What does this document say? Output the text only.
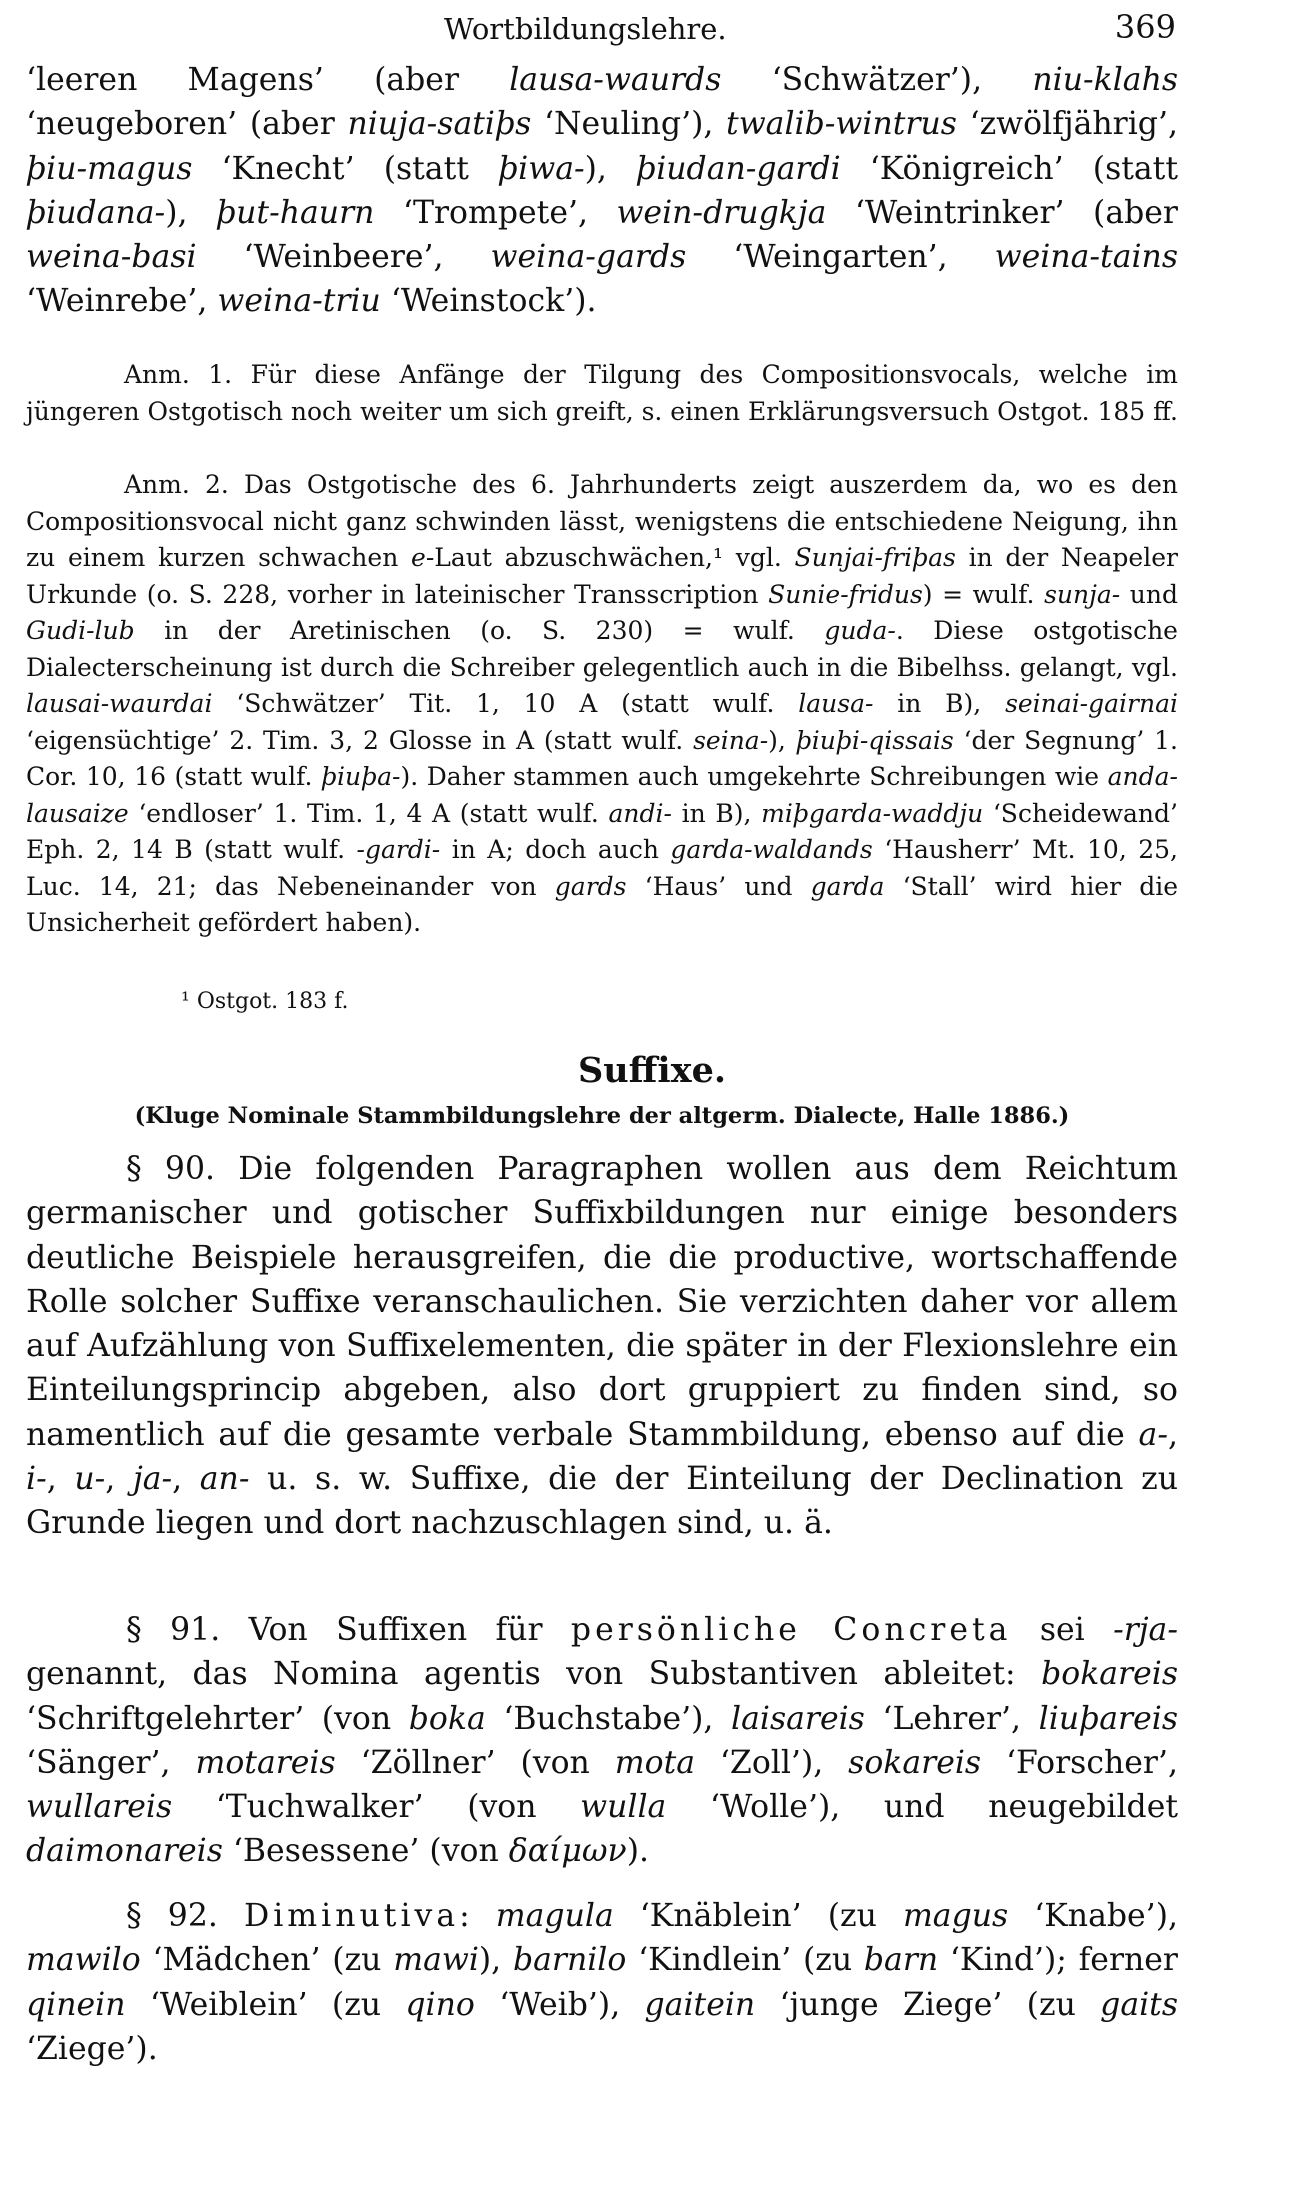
Wortbildungslehre.	369

‘leeren Magens’ (aber lausa-waurds ‘Schwätzer’), niu-klahs ‘neugeboren’ (aber niuja-satiþs ‘Neuling’), twalib-wintrus ‘zwölfjährig’, þiu-magus ‘Knecht’ (statt þiwa-), þiudan-gardi ‘Königreich’ (statt þiudana-), þut-haurn ‘Trompete’, wein-drugkja ‘Weintrinker’ (aber weina-basi ‘Weinbeere’, weina-gards ‘Weingarten’, weina-tains ‘Weinrebe’, weina-triu ‘Weinstock’).

Anm. 1. Für diese Anfänge der Tilgung des Compositionsvocals, welche im jüngeren Ostgotisch noch weiter um sich greift, s. einen Erklärungsversuch Ostgot. 185 ff.

Anm. 2. Das Ostgotische des 6. Jahrhunderts zeigt auszerdem da, wo es den Compositionsvocal nicht ganz schwinden lässt, wenigstens die entschiedene Neigung, ihn zu einem kurzen schwachen e-Laut abzuschwächen,¹ vgl. Sunjai-friþas in der Neapeler Urkunde (o. S. 228, vorher in lateinischer Transscription Sunie-fridus) = wulf. sunja- und Gudi-lub in der Aretinischen (o. S. 230) = wulf. guda-. Diese ostgotische Dialecterscheinung ist durch die Schreiber gelegentlich auch in die Bibelhss. gelangt, vgl. lausai-waurdai ‘Schwätzer’ Tit. 1, 10 A (statt wulf. lausa- in B), seinai-gairnai ‘eigensüchtige’ 2. Tim. 3, 2 Glosse in A (statt wulf. seina-), þiuþi-qissais ‘der Segnung’ 1. Cor. 10, 16 (statt wulf. þiuþa-). Daher stammen auch umgekehrte Schreibungen wie anda-lausaize ‘endloser’ 1. Tim. 1, 4 A (statt wulf. andi- in B), miþgarda-waddju ‘Scheidewand’ Eph. 2, 14 B (statt wulf. -gardi- in A; doch auch garda-waldands ‘Hausherr’ Mt. 10, 25, Luc. 14, 21; das Nebeneinander von gards ‘Haus’ und garda ‘Stall’ wird hier die Unsicherheit gefördert haben).

¹ Ostgot. 183 f.

Suffixe.
(Kluge Nominale Stammbildungslehre der altgerm. Dialecte, Halle 1886.)

§ 90. Die folgenden Paragraphen wollen aus dem Reichtum germanischer und gotischer Suffixbildungen nur einige besonders deutliche Beispiele herausgreifen, die die productive, wortschaffende Rolle solcher Suffixe veranschaulichen. Sie verzichten daher vor allem auf Aufzählung von Suffixelementen, die später in der Flexionslehre ein Einteilungsprincip abgeben, also dort gruppiert zu finden sind, so namentlich auf die gesamte verbale Stammbildung, ebenso auf die a-, i-, u-, ja-, an- u. s. w. Suffixe, die der Einteilung der Declination zu Grunde liegen und dort nachzuschlagen sind, u. ä.

§ 91. Von Suffixen für persönliche Concreta sei -rja- genannt, das Nomina agentis von Substantiven ableitet: bokareis ‘Schriftgelehrter’ (von boka ‘Buchstabe’), laisareis ‘Lehrer’, liuþareis ‘Sänger’, motareis ‘Zöllner’ (von mota ‘Zoll’), sokareis ‘Forscher’, wullareis ‘Tuchwalker’ (von wulla ‘Wolle’), und neugebildet daimonareis ‘Besessene’ (von δαίμων).

§ 92. Diminutiva: magula ‘Knäblein’ (zu magus ‘Knabe’), mawilo ‘Mädchen’ (zu mawi), barnilo ‘Kindlein’ (zu barn ‘Kind’); ferner qinein ‘Weiblein’ (zu qino ‘Weib’), gaitein ‘junge Ziege’ (zu gaits ‘Ziege’).
